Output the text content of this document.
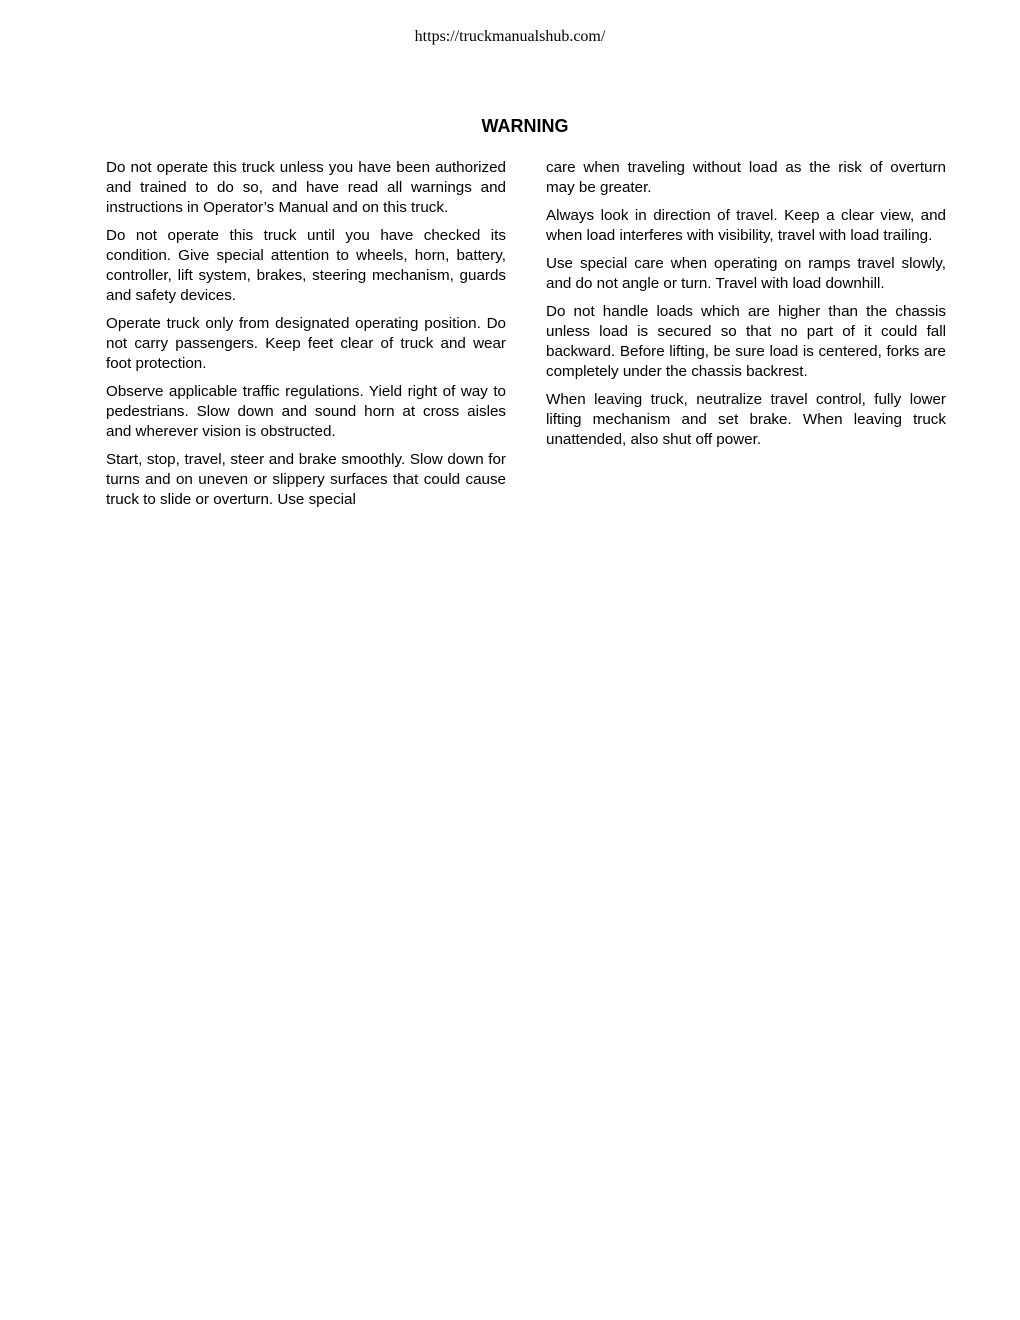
https://truckmanualshub.com/
WARNING

Do not operate this truck unless you have been authorized and trained to do so, and have read all warnings and instructions in Operator’s Manual and on this truck.

Do not operate this truck until you have checked its condition. Give special attention to wheels, horn, battery, controller, lift system, brakes, steering mechanism, guards and safety devices.

Operate truck only from designated operating position. Do not carry passengers. Keep feet clear of truck and wear foot protection.

Observe applicable traffic regulations. Yield right of way to pedestrians. Slow down and sound horn at cross aisles and wherever vision is obstructed.

Start, stop, travel, steer and brake smoothly. Slow down for turns and on uneven or slippery surfaces that could cause truck to slide or overturn. Use special

care when traveling without load as the risk of overturn may be greater.

Always look in direction of travel. Keep a clear view, and when load interferes with visibility, travel with load trailing.

Use special care when operating on ramps travel slowly, and do not angle or turn. Travel with load downhill.

Do not handle loads which are higher than the chassis unless load is secured so that no part of it could fall backward. Before lifting, be sure load is centered, forks are completely under the chassis backrest.

When leaving truck, neutralize travel control, fully lower lifting mechanism and set brake. When leaving truck unattended, also shut off power.
